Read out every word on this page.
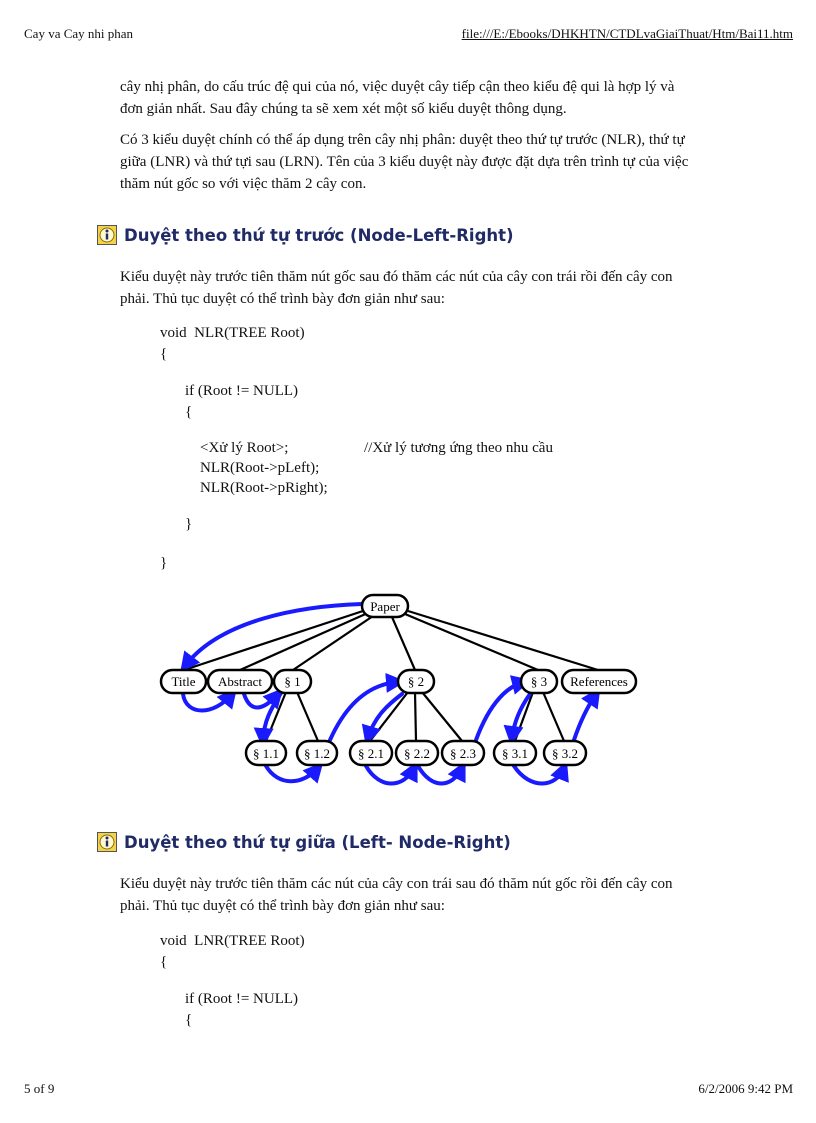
Cay va Cay nhi phan	file:///E:/Ebooks/DHKHTN/CTDLvaGiaiThuat/Htm/Bai11.htm

cây nhị phân, do cấu trúc đệ qui của nó, việc duyệt cây tiếp cận theo kiểu đệ qui là hợp lý và đơn giản nhất. Sau đây chúng ta sẽ xem xét một số kiểu duyệt thông dụng.

Có 3 kiểu duyệt chính có thể áp dụng trên cây nhị phân: duyệt theo thứ tự trước (NLR), thứ tự giữa (LNR) và thứ tựi sau (LRN). Tên của 3 kiểu duyệt này được đặt dựa trên trình tự của việc thăm nút gốc so với việc thăm 2 cây con.

Duyệt theo thứ tự trước (Node-Left-Right)

Kiểu duyệt này trước tiên thăm nút gốc sau đó thăm các nút của cây con trái rồi đến cây con phải. Thủ tục duyệt có thể trình bày đơn giản như sau:

void  NLR(TREE Root)
{
if (Root != NULL)
{
<Xử lý Root>;	//Xử lý tương ứng theo nhu cầu
NLR(Root->pLeft);
NLR(Root->pRight);
}
}
Paper
Title Abstract § 1	§ 2	§ 3 References
§ 1.1 § 1.2 § 2.1 § 2.2 § 2.3 § 3.1 § 3.2
Duyệt theo thứ tự giữa (Left- Node-Right)

Kiểu duyệt này trước tiên thăm các nút của cây con trái sau đó thăm nút gốc rồi đến cây con phải. Thủ tục duyệt có thể trình bày đơn giản như sau:

void  LNR(TREE Root)
{
if (Root != NULL)
{
5 of 9	6/2/2006 9:42 PM
